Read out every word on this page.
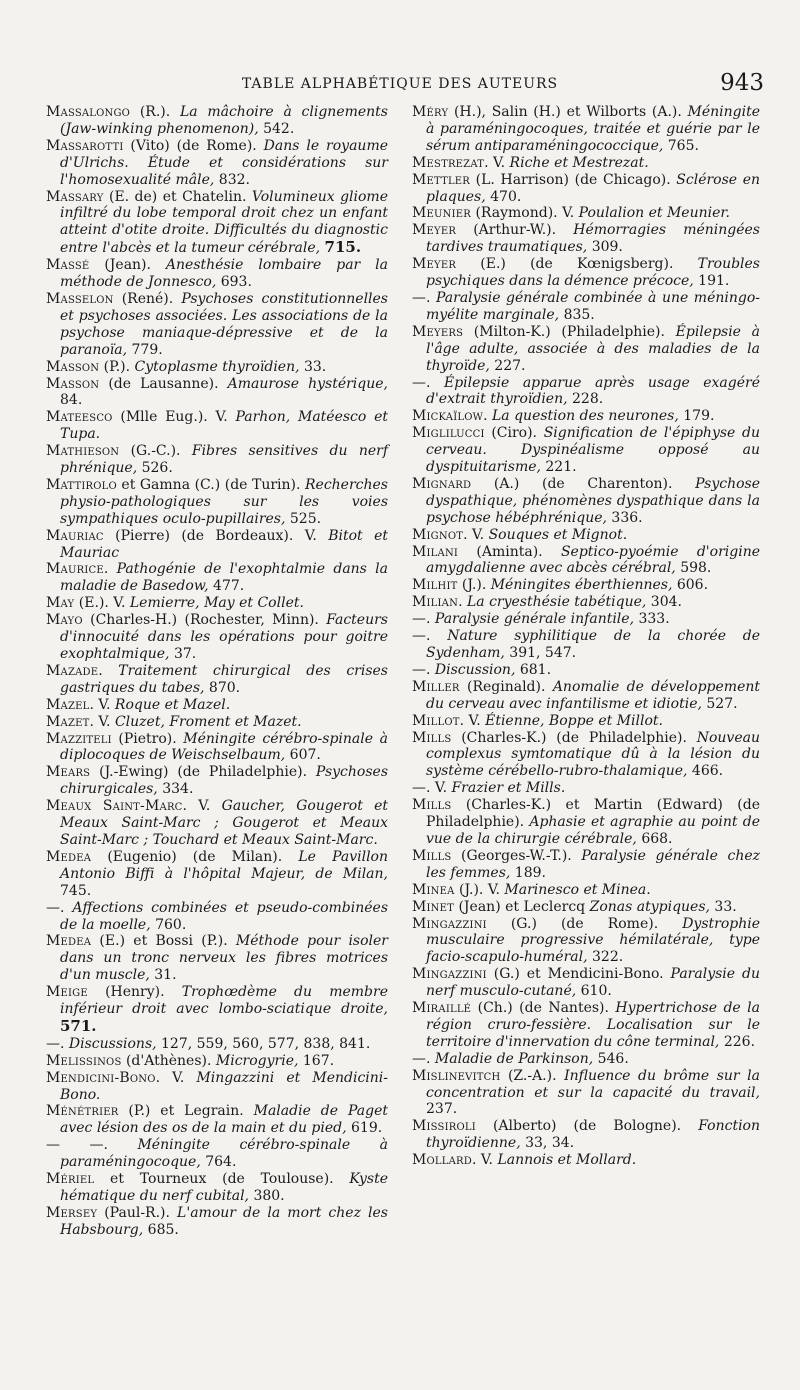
TABLE ALPHABÉTIQUE DES AUTEURS	943

Massalongo (R.). La mâchoire à clignements (Jaw-winking phenomenon), 542.

Massarotti (Vito) (de Rome). Dans le royaume d'Ulrichs. Étude et considérations sur l'homosexualité mâle, 832.

Massary (E. de) et Chatelin. Volumineux gliome infiltré du lobe temporal droit chez un enfant atteint d'otite droite. Difficultés du diagnostic entre l'abcès et la tumeur cérébrale, 715.

Massé (Jean). Anesthésie lombaire par la méthode de Jonnesco, 693.

Masselon (René). Psychoses constitutionnelles et psychoses associées. Les associations de la psychose maniaque-dépressive et de la paranoïa, 779.

Masson (P.). Cytoplasme thyroïdien, 33.

Masson (de Lausanne). Amaurose hystérique, 84.

Mateesco (Mlle Eug.). V. Parhon, Matéesco et Tupa.

Mathieson (G.-C.). Fibres sensitives du nerf phrénique, 526.

Mattirolo et Gamna (C.) (de Turin). Recherches physio-pathologiques sur les voies sympathiques oculo-pupillaires, 525.

Mauriac (Pierre) (de Bordeaux). V. Bitot et Mauriac

Maurice. Pathogénie de l'exophtalmie dans la maladie de Basedow, 477.

May (E.). V. Lemierre, May et Collet.

Mayo (Charles-H.) (Rochester, Minn). Facteurs d'innocuité dans les opérations pour goitre exophtalmique, 37.

Mazade. Traitement chirurgical des crises gastriques du tabes, 870.

Mazel. V. Roque et Mazel.

Mazet. V. Cluzet, Froment et Mazet.

Mazziteli (Pietro). Méningite cérébro-spinale à diplocoques de Weischselbaum, 607.

Mears (J.-Ewing) (de Philadelphie). Psychoses chirurgicales, 334.

Meaux Saint-Marc. V. Gaucher, Gougerot et Meaux Saint-Marc ; Gougerot et Meaux Saint-Marc ; Touchard et Meaux Saint-Marc.

Medea (Eugenio) (de Milan). Le Pavillon Antonio Biffi à l'hôpital Majeur, de Milan, 745.

—. Affections combinées et pseudo-combinées de la moelle, 760.

Medea (E.) et Bossi (P.). Méthode pour isoler dans un tronc nerveux les fibres motrices d'un muscle, 31.

Meige (Henry). Trophœdème du membre inférieur droit avec lombo-sciatique droite, 571.

—. Discussions, 127, 559, 560, 577, 838, 841.

Melissinos (d'Athènes). Microgyrie, 167.

Mendicini-Bono. V. Mingazzini et Mendicini-Bono.

Ménétrier (P.) et Legrain. Maladie de Paget avec lésion des os de la main et du pied, 619.

— —. Méningite cérébro-spinale à paraméningocoque, 764.

Mériel et Tourneux (de Toulouse). Kyste hématique du nerf cubital, 380.

Mersey (Paul-R.). L'amour de la mort chez les Habsbourg, 685.

Méry (H.), Salin (H.) et Wilborts (A.). Méningite à paraméningocoques, traitée et guérie par le sérum antiparaméningococcique, 765.

Mestrezat. V. Riche et Mestrezat.

Mettler (L. Harrison) (de Chicago). Sclérose en plaques, 470.

Meunier (Raymond). V. Poulalion et Meunier.

Meyer (Arthur-W.). Hémorragies méningées tardives traumatiques, 309.

Meyer (E.) (de Kœnigsberg). Troubles psychiques dans la démence précoce, 191.

—. Paralysie générale combinée à une méningo-myélite marginale, 835.

Meyers (Milton-K.) (Philadelphie). Épilepsie à l'âge adulte, associée à des maladies de la thyroïde, 227.

—. Épilepsie apparue après usage exagéré d'extrait thyroïdien, 228.

Mickaïlow. La question des neurones, 179.

Miglilucci (Ciro). Signification de l'épiphyse du cerveau. Dyspinéalisme opposé au dyspituitarisme, 221.

Mignard (A.) (de Charenton). Psychose dyspathique, phénomènes dyspathique dans la psychose hébéphrénique, 336.

Mignot. V. Souques et Mignot.

Milani (Aminta). Septico-pyoémie d'origine amygdalienne avec abcès cérébral, 598.

Milhit (J.). Méningites éberthiennes, 606.

Milian. La cryesthésie tabétique, 304.

—. Paralysie générale infantile, 333.

—. Nature syphilitique de la chorée de Sydenham, 391, 547.

—. Discussion, 681.

Miller (Reginald). Anomalie de développement du cerveau avec infantilisme et idiotie, 527.

Millot. V. Étienne, Boppe et Millot.

Mills (Charles-K.) (de Philadelphie). Nouveau complexus symtomatique dû à la lésion du système cérébello-rubro-thalamique, 466.

—. V. Frazier et Mills.

Mills (Charles-K.) et Martin (Edward) (de Philadelphie). Aphasie et agraphie au point de vue de la chirurgie cérébrale, 668.

Mills (Georges-W.-T.). Paralysie générale chez les femmes, 189.

Minea (J.). V. Marinesco et Minea.

Minet (Jean) et Leclercq Zonas atypiques, 33.

Mingazzini (G.) (de Rome). Dystrophie musculaire progressive hémilatérale, type facio-scapulo-huméral, 322.

Mingazzini (G.) et Mendicini-Bono. Paralysie du nerf musculo-cutané, 610.

Miraillé (Ch.) (de Nantes). Hypertrichose de la région cruro-fessière. Localisation sur le territoire d'innervation du cône terminal, 226.

—. Maladie de Parkinson, 546.

Mislinevitch (Z.-A.). Influence du brôme sur la concentration et sur la capacité du travail, 237.

Missiroli (Alberto) (de Bologne). Fonction thyroïdienne, 33, 34.

Mollard. V. Lannois et Mollard.
